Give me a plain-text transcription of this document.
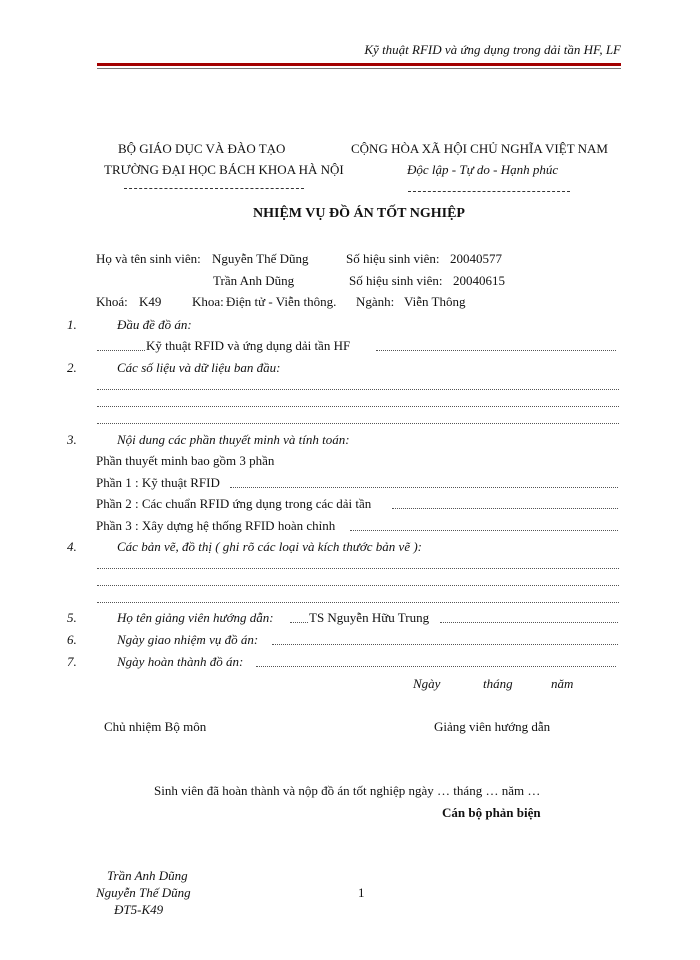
Kỹ thuật RFID và ứng dụng trong dải tần HF, LF
BỘ GIÁO DỤC VÀ ĐÀO TẠO
TRƯỜNG ĐẠI HỌC BÁCH KHOA HÀ NỘI
CỘNG HÒA XÃ HỘI CHỦ NGHĨA VIỆT NAM
Độc lập - Tự do - Hạnh phúc
NHIỆM VỤ ĐỒ ÁN TỐT NGHIỆP
Họ và tên sinh viên: Nguyễn Thế Dũng	Số hiệu sinh viên: 20040577
Trần Anh Dũng	Số hiệu sinh viên: 20040615
Khoá: K49 Khoa: Điện tử - Viễn thông. Ngành: Viễn Thông
1.	Đầu đề đồ án:
Kỹ thuật RFID và ứng dụng dải tần HF
2.	Các số liệu và dữ liệu ban đầu:
3.	Nội dung các phần thuyết minh và tính toán:
Phần thuyết minh bao gồm 3 phần
Phần 1 : Kỹ thuật RFID
Phần 2 : Các chuẩn RFID ứng dụng trong các dải tần
Phần 3 : Xây dựng hệ thống RFID hoàn chỉnh
4.	Các bản vẽ, đồ thị ( ghi rõ các loại và kích thước bản vẽ ):
5.	Họ tên giảng viên hướng dẫn:	TS Nguyễn Hữu Trung
6.	Ngày giao nhiệm vụ đồ án:
7.	Ngày hoàn thành đồ án:
Ngày	tháng	năm
Chủ nhiệm Bộ môn	Giảng viên hướng dẫn
Sinh viên đã hoàn thành và nộp đồ án tốt nghiệp ngày … tháng … năm …
Cán bộ phản biện
Trần Anh Dũng
Nguyễn Thế Dũng
ĐT5-K49
1
